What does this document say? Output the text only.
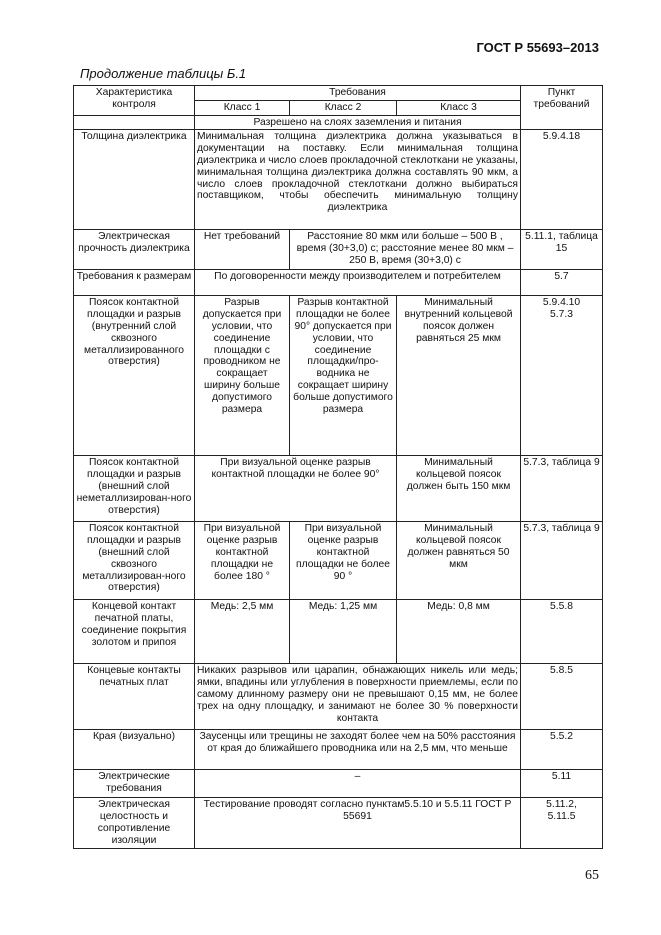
ГОСТ Р 55693–2013
Продолжение таблицы Б.1
Характеристика контроля	Требования			Пункт требований
	Класс 1	Класс 2	Класс 3	
	Разрешено на слоях заземления и питания			
Толщина диэлектрика	Минимальная толщина диэлектрика должна указываться в документации на поставку. Если минимальная толщина диэлектрика и число слоев прокладочной стеклоткани не указаны, минимальная толщина диэлектрика должна составлять 90 мкм, а число слоев прокладочной стеклоткани должно выбираться поставщиком, чтобы обеспечить минимальную толщину диэлектрика			5.9.4.18
Электрическая прочность диэлектрика	Нет требований	Расстояние 80 мкм или больше – 500 В , время (30+3,0) с; расстояние менее 80 мкм – 250 В, время (30+3,0) с		5.11.1, таблица 15
Требования к размерам	По договоренности между производителем и потребителем			5.7
Поясок контактной площадки и разрыв (внутренний слой сквозного металлизированного отверстия)	Разрыв допускается при условии, что соединение площадки с проводником не сокращает ширину больше допустимого размера	Разрыв контактной площадки не более 90° допускается при условии, что соединение площадки/про-водника не сокращает ширину больше допустимого размера	Минимальный внутренний кольцевой поясок должен равняться 25 мкм	5.9.4.10
5.7.3
Поясок контактной площадки и разрыв (внешний слой неметаллизирован-ного отверстия)	При визуальной оценке разрыв контактной площадки не более 90°		Минимальный кольцевой поясок должен быть 150 мкм	5.7.3, таблица 9
Поясок контактной площадки и разрыв (внешний слой сквозного металлизирован-ного отверстия)	При визуальной оценке разрыв контактной площадки не более 180 °	При визуальной оценке разрыв контактной площадки не более 90 °	Минимальный кольцевой поясок должен равняться 50 мкм	5.7.3, таблица 9
Концевой контакт печатной платы, соединение покрытия золотом и припоя	Медь: 2,5 мм	Медь: 1,25 мм	Медь: 0,8 мм	5.5.8
Концевые контакты печатных плат	Никаких разрывов или царапин, обнажающих никель или медь; ямки, впадины или углубления в поверхности приемлемы, если по самому длинному размеру они не превышают 0,15 мм, не более трех на одну площадку, и занимают не более 30 % поверхности контакта			5.8.5
Края (визуально)	Заусенцы или трещины не заходят более чем на 50% расстояния от края до ближайшего проводника или на 2,5 мм, что меньше			5.5.2
Электрические требования	–			5.11
Электрическая целостность и сопротивление изоляции	Тестирование проводят согласно пунктам5.5.10 и 5.5.11 ГОСТ Р 55691			5.11.2,
5.11.5
65
